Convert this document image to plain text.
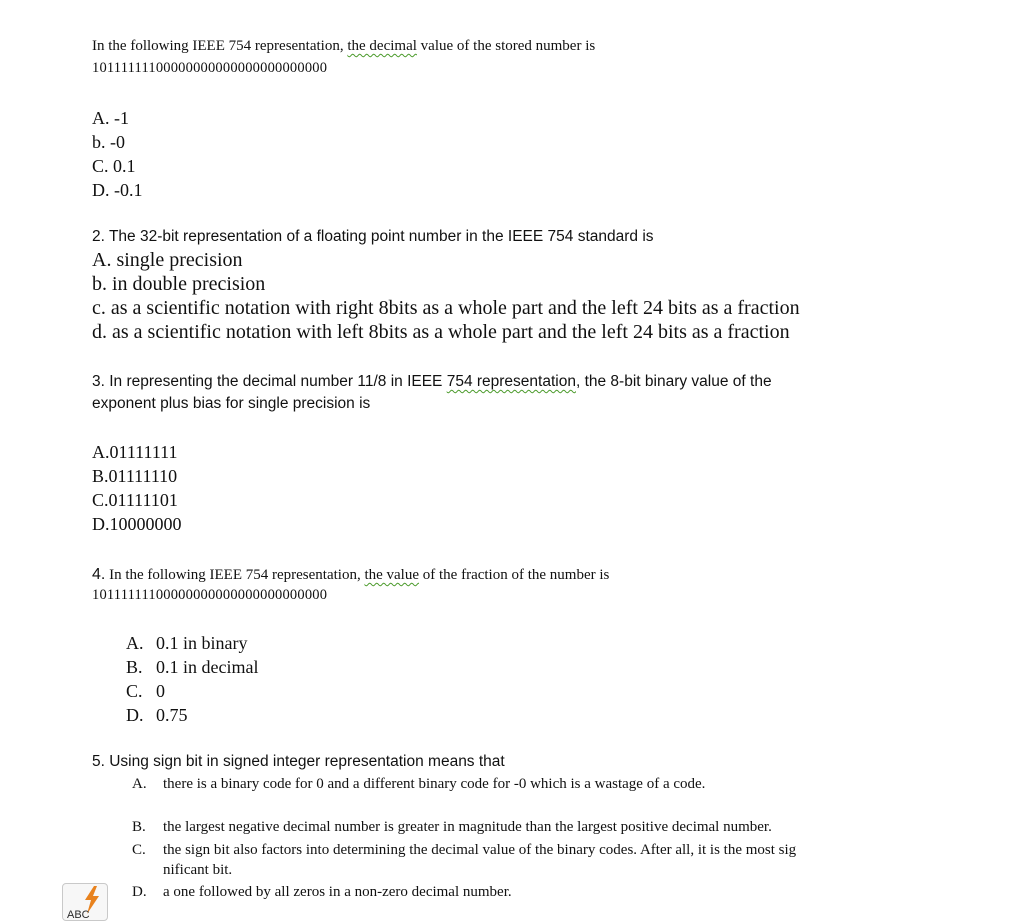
In the following IEEE 754 representation, the decimal value of the stored number is
10111111100000000000000000000000
A. -1
b. -0
C. 0.1
D. -0.1
2. The 32-bit representation of a floating point number in the IEEE 754 standard is
A. single precision
b. in double precision
c. as a scientific notation with right 8bits as a whole part and the left 24 bits as a fraction
d. as a scientific notation with left 8bits as a whole part and the left 24 bits as a fraction
3. In representing the decimal number 11/8 in IEEE 754 representation, the 8-bit binary value of the
exponent plus bias for single precision is
A.01111111
B.01111110
C.01111101
D.10000000
4. In the following IEEE 754 representation, the value of the fraction of the number is
10111111100000000000000000000000
A. 0.1 in binary
B. 0.1 in decimal
C. 0
D. 0.75
5. Using sign bit in signed integer representation means that
A. there is a binary code for 0 and a different binary code for -0 which is a wastage of a code.
B. the largest negative decimal number is greater in magnitude than the largest positive decimal number.
C. the sign bit also factors into determining the decimal value of the binary codes. After all, it is the most sig
nificant bit.
D. a one followed by all zeros in a non-zero decimal number.
ABC
